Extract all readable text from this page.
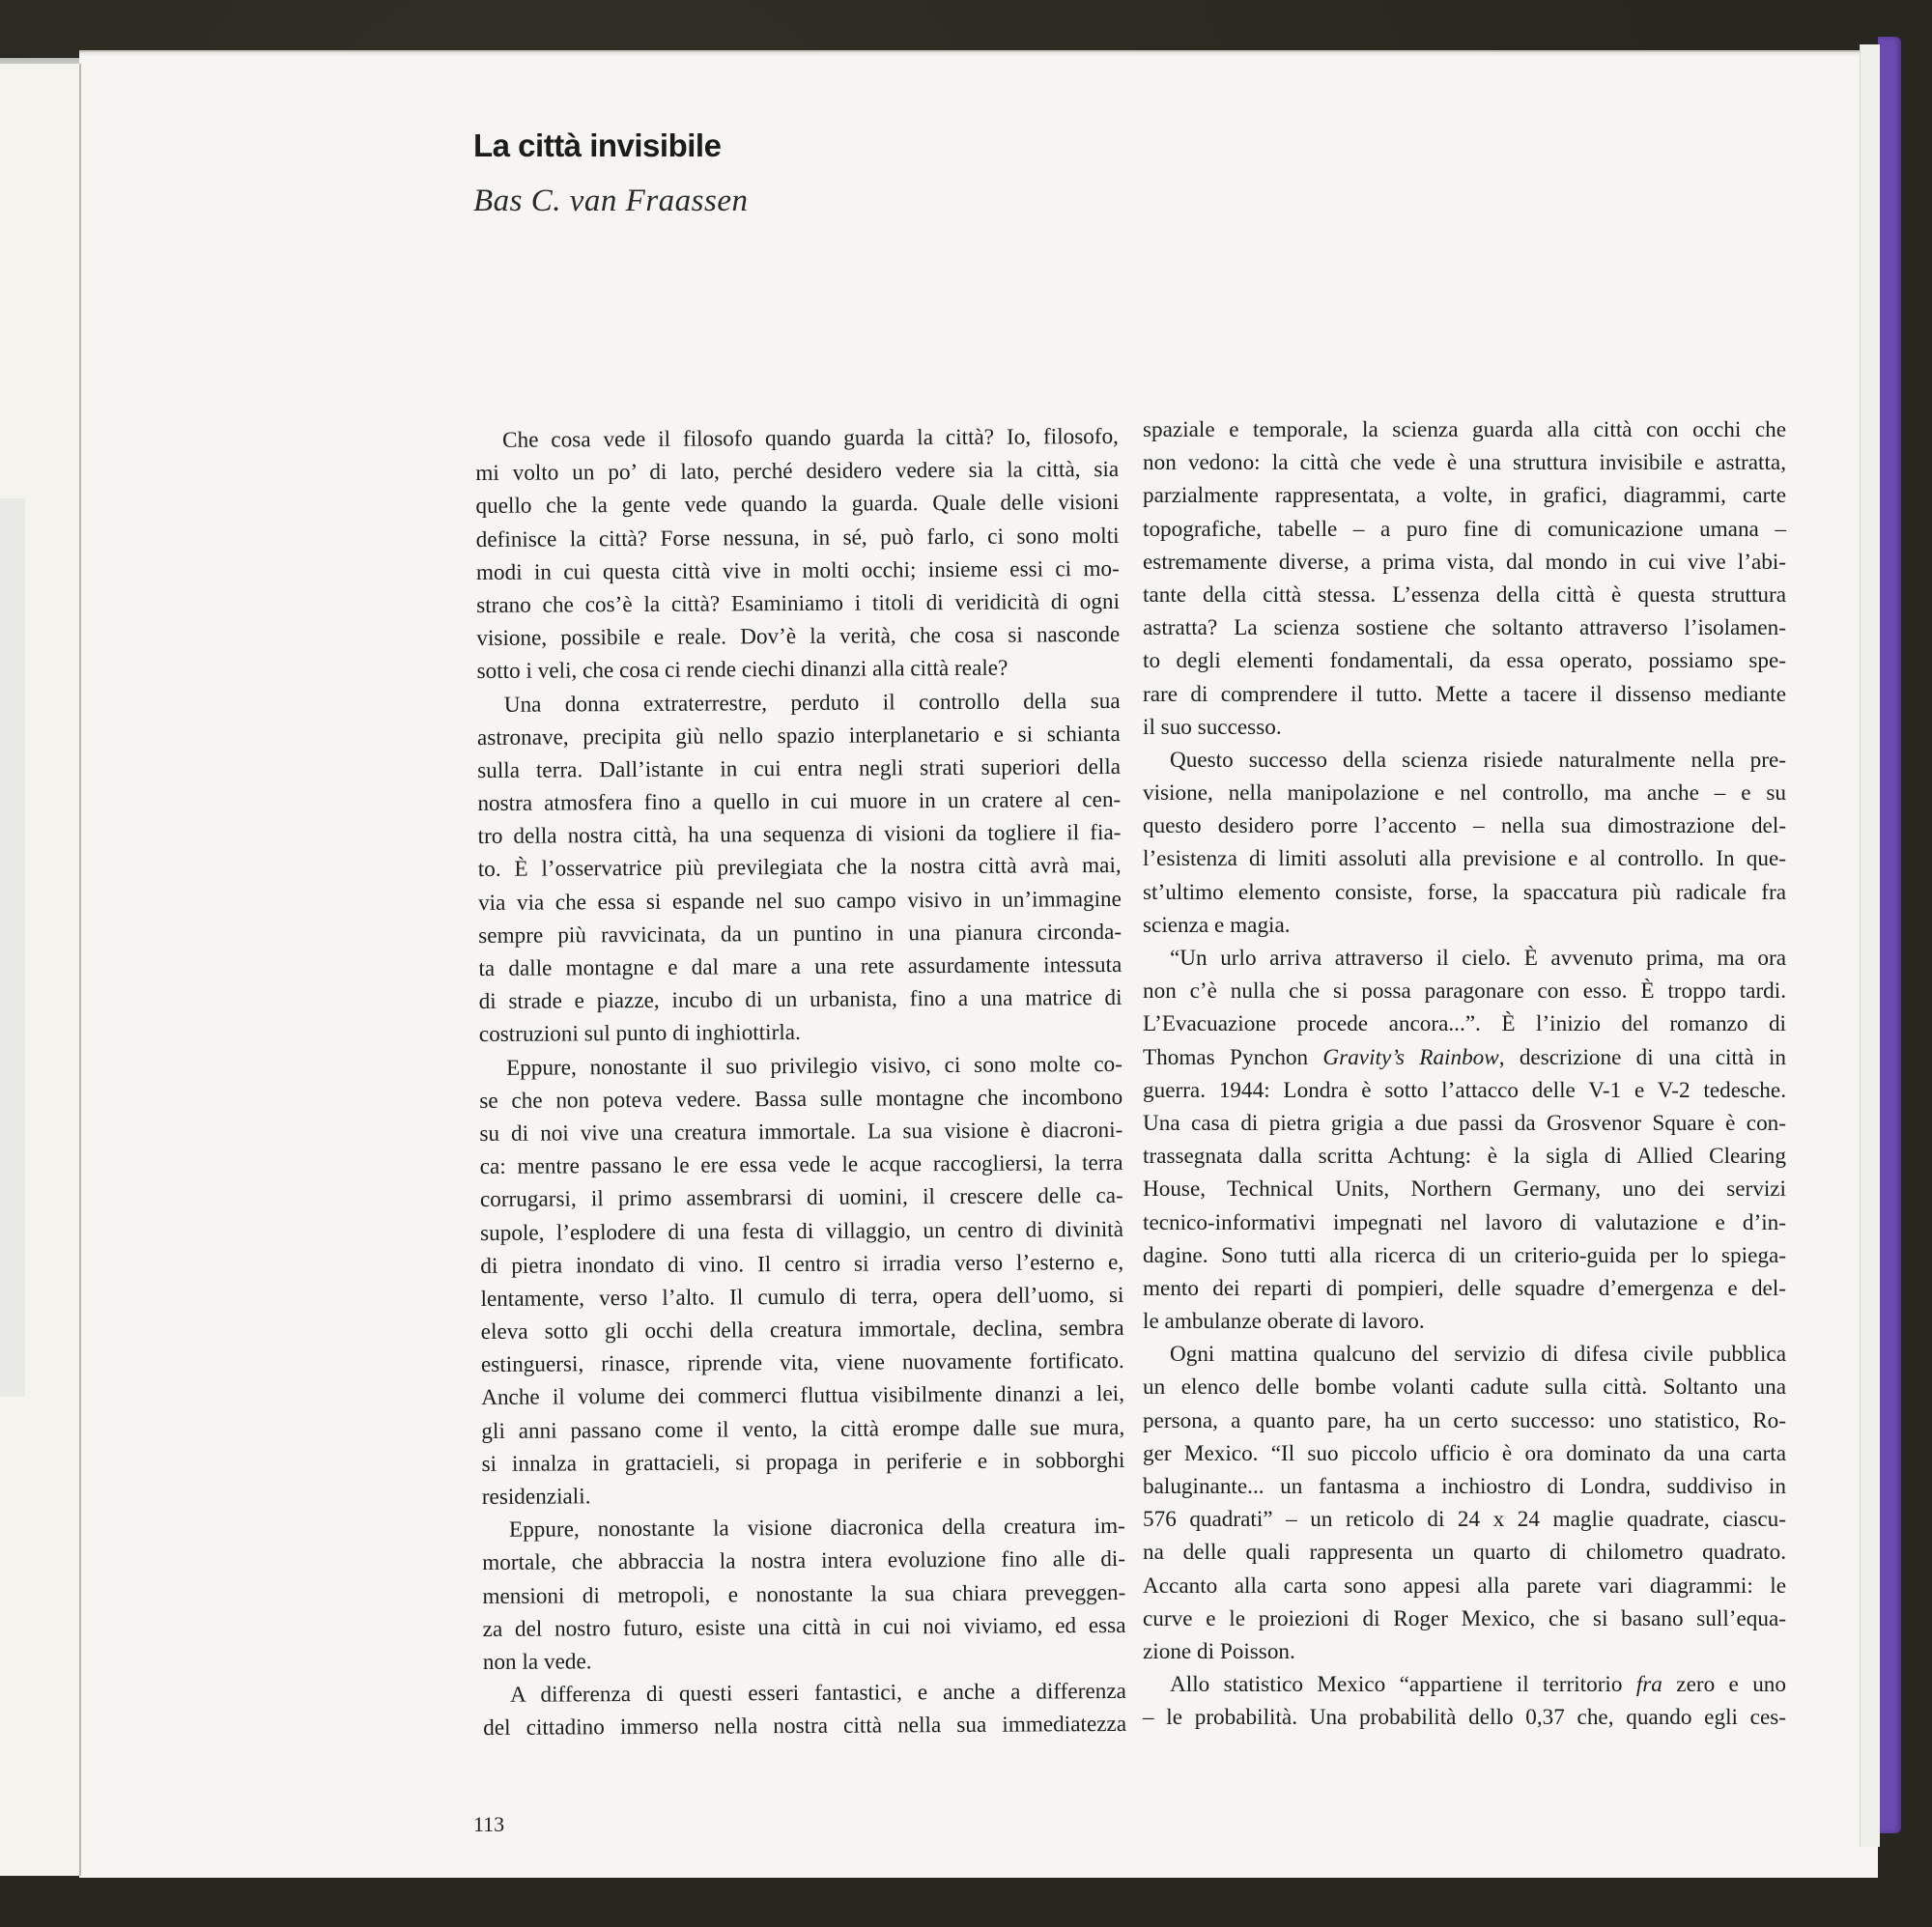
La città invisibile
Bas C. van Fraassen
Che cosa vede il filosofo quando guarda la città? Io, filosofo,
mi volto un po’ di lato, perché desidero vedere sia la città, sia
quello che la gente vede quando la guarda. Quale delle visioni
definisce la città? Forse nessuna, in sé, può farlo, ci sono molti
modi in cui questa città vive in molti occhi; insieme essi ci mo-
strano che cos’è la città? Esaminiamo i titoli di veridicità di ogni
visione, possibile e reale. Dov’è la verità, che cosa si nasconde
sotto i veli, che cosa ci rende ciechi dinanzi alla città reale?
Una donna extraterrestre, perduto il controllo della sua
astronave, precipita giù nello spazio interplanetario e si schianta
sulla terra. Dall’istante in cui entra negli strati superiori della
nostra atmosfera fino a quello in cui muore in un cratere al cen-
tro della nostra città, ha una sequenza di visioni da togliere il fia-
to. È l’osservatrice più previlegiata che la nostra città avrà mai,
via via che essa si espande nel suo campo visivo in un’immagine
sempre più ravvicinata, da un puntino in una pianura circonda-
ta dalle montagne e dal mare a una rete assurdamente intessuta
di strade e piazze, incubo di un urbanista, fino a una matrice di
costruzioni sul punto di inghiottirla.
Eppure, nonostante il suo privilegio visivo, ci sono molte co-
se che non poteva vedere. Bassa sulle montagne che incombono
su di noi vive una creatura immortale. La sua visione è diacroni-
ca: mentre passano le ere essa vede le acque raccogliersi, la terra
corrugarsi, il primo assembrarsi di uomini, il crescere delle ca-
supole, l’esplodere di una festa di villaggio, un centro di divinità
di pietra inondato di vino. Il centro si irradia verso l’esterno e,
lentamente, verso l’alto. Il cumulo di terra, opera dell’uomo, si
eleva sotto gli occhi della creatura immortale, declina, sembra
estinguersi, rinasce, riprende vita, viene nuovamente fortificato.
Anche il volume dei commerci fluttua visibilmente dinanzi a lei,
gli anni passano come il vento, la città erompe dalle sue mura,
si innalza in grattacieli, si propaga in periferie e in sobborghi
residenziali.
Eppure, nonostante la visione diacronica della creatura im-
mortale, che abbraccia la nostra intera evoluzione fino alle di-
mensioni di metropoli, e nonostante la sua chiara preveggen-
za del nostro futuro, esiste una città in cui noi viviamo, ed essa
non la vede.
A differenza di questi esseri fantastici, e anche a differenza
del cittadino immerso nella nostra città nella sua immediatezza
spaziale e temporale, la scienza guarda alla città con occhi che
non vedono: la città che vede è una struttura invisibile e astratta,
parzialmente rappresentata, a volte, in grafici, diagrammi, carte
topografiche, tabelle – a puro fine di comunicazione umana –
estremamente diverse, a prima vista, dal mondo in cui vive l’abi-
tante della città stessa. L’essenza della città è questa struttura
astratta? La scienza sostiene che soltanto attraverso l’isolamen-
to degli elementi fondamentali, da essa operato, possiamo spe-
rare di comprendere il tutto. Mette a tacere il dissenso mediante
il suo successo.
Questo successo della scienza risiede naturalmente nella pre-
visione, nella manipolazione e nel controllo, ma anche – e su
questo desidero porre l’accento – nella sua dimostrazione del-
l’esistenza di limiti assoluti alla previsione e al controllo. In que-
st’ultimo elemento consiste, forse, la spaccatura più radicale fra
scienza e magia.
“Un urlo arriva attraverso il cielo. È avvenuto prima, ma ora
non c’è nulla che si possa paragonare con esso. È troppo tardi.
L’Evacuazione procede ancora...”. È l’inizio del romanzo di
Thomas Pynchon Gravity’s Rainbow, descrizione di una città in
guerra. 1944: Londra è sotto l’attacco delle V-1 e V-2 tedesche.
Una casa di pietra grigia a due passi da Grosvenor Square è con-
trassegnata dalla scritta Achtung: è la sigla di Allied Clearing
House, Technical Units, Northern Germany, uno dei servizi
tecnico-informativi impegnati nel lavoro di valutazione e d’in-
dagine. Sono tutti alla ricerca di un criterio-guida per lo spiega-
mento dei reparti di pompieri, delle squadre d’emergenza e del-
le ambulanze oberate di lavoro.
Ogni mattina qualcuno del servizio di difesa civile pubblica
un elenco delle bombe volanti cadute sulla città. Soltanto una
persona, a quanto pare, ha un certo successo: uno statistico, Ro-
ger Mexico. “Il suo piccolo ufficio è ora dominato da una carta
baluginante... un fantasma a inchiostro di Londra, suddiviso in
576 quadrati” – un reticolo di 24 x 24 maglie quadrate, ciascu-
na delle quali rappresenta un quarto di chilometro quadrato.
Accanto alla carta sono appesi alla parete vari diagrammi: le
curve e le proiezioni di Roger Mexico, che si basano sull’equa-
zione di Poisson.
Allo statistico Mexico “appartiene il territorio fra zero e uno
– le probabilità. Una probabilità dello 0,37 che, quando egli ces-
113
